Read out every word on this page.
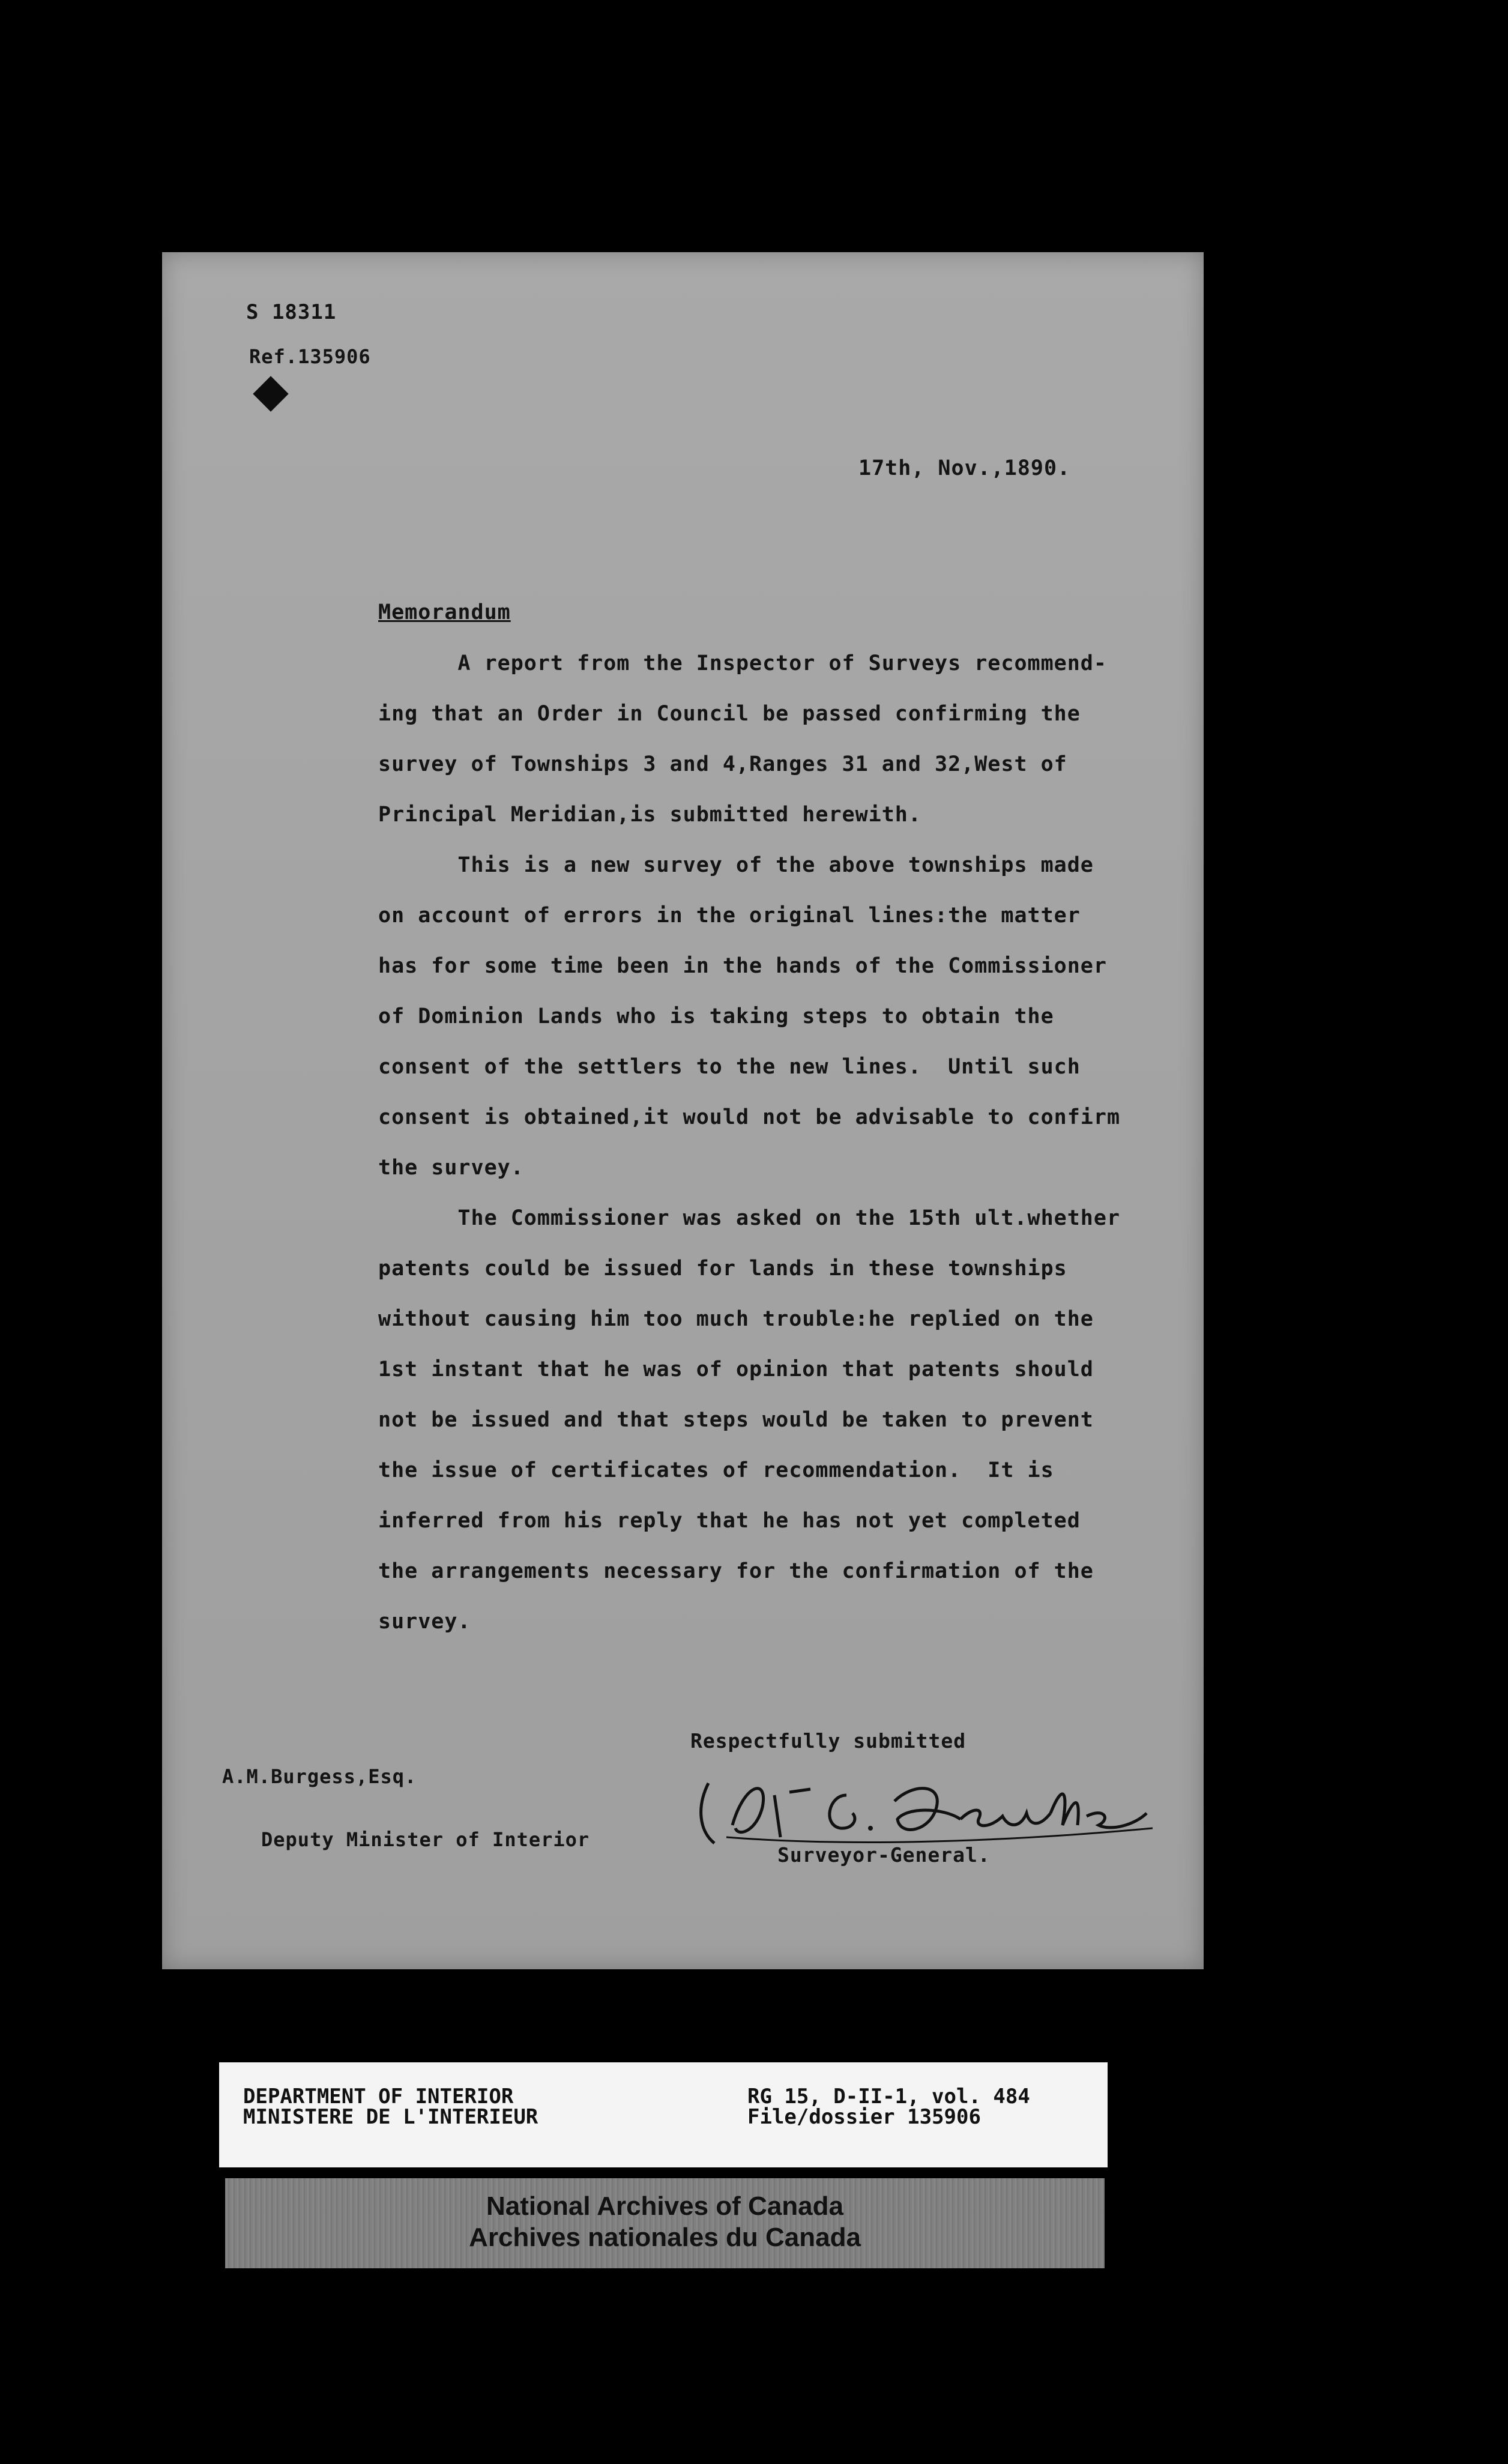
S 18311
Ref.135906
17th, Nov.,1890.
Memorandum
A report from the Inspector of Surveys recommend-
ing that an Order in Council be passed confirming the
survey of Townships 3 and 4,Ranges 31 and 32,West of
Principal Meridian,is submitted herewith.
This is a new survey of the above townships made
on account of errors in the original lines:the matter
has for some time been in the hands of the Commissioner
of Dominion Lands who is taking steps to obtain the
consent of the settlers to the new lines.  Until such
consent is obtained,it would not be advisable to confirm
the survey.
The Commissioner was asked on the 15th ult.whether
patents could be issued for lands in these townships
without causing him too much trouble:he replied on the
1st instant that he was of opinion that patents should
not be issued and that steps would be taken to prevent
the issue of certificates of recommendation.  It is
inferred from his reply that he has not yet completed
the arrangements necessary for the confirmation of the
survey.
Respectfully submitted
Surveyor-General.
A.M.Burgess,Esq.
Deputy Minister of Interior
DEPARTMENT OF INTERIOR
MINISTERE DE L'INTERIEUR
RG 15, D-II-1, vol. 484
File/dossier 135906
National Archives of Canada
Archives nationales du Canada
